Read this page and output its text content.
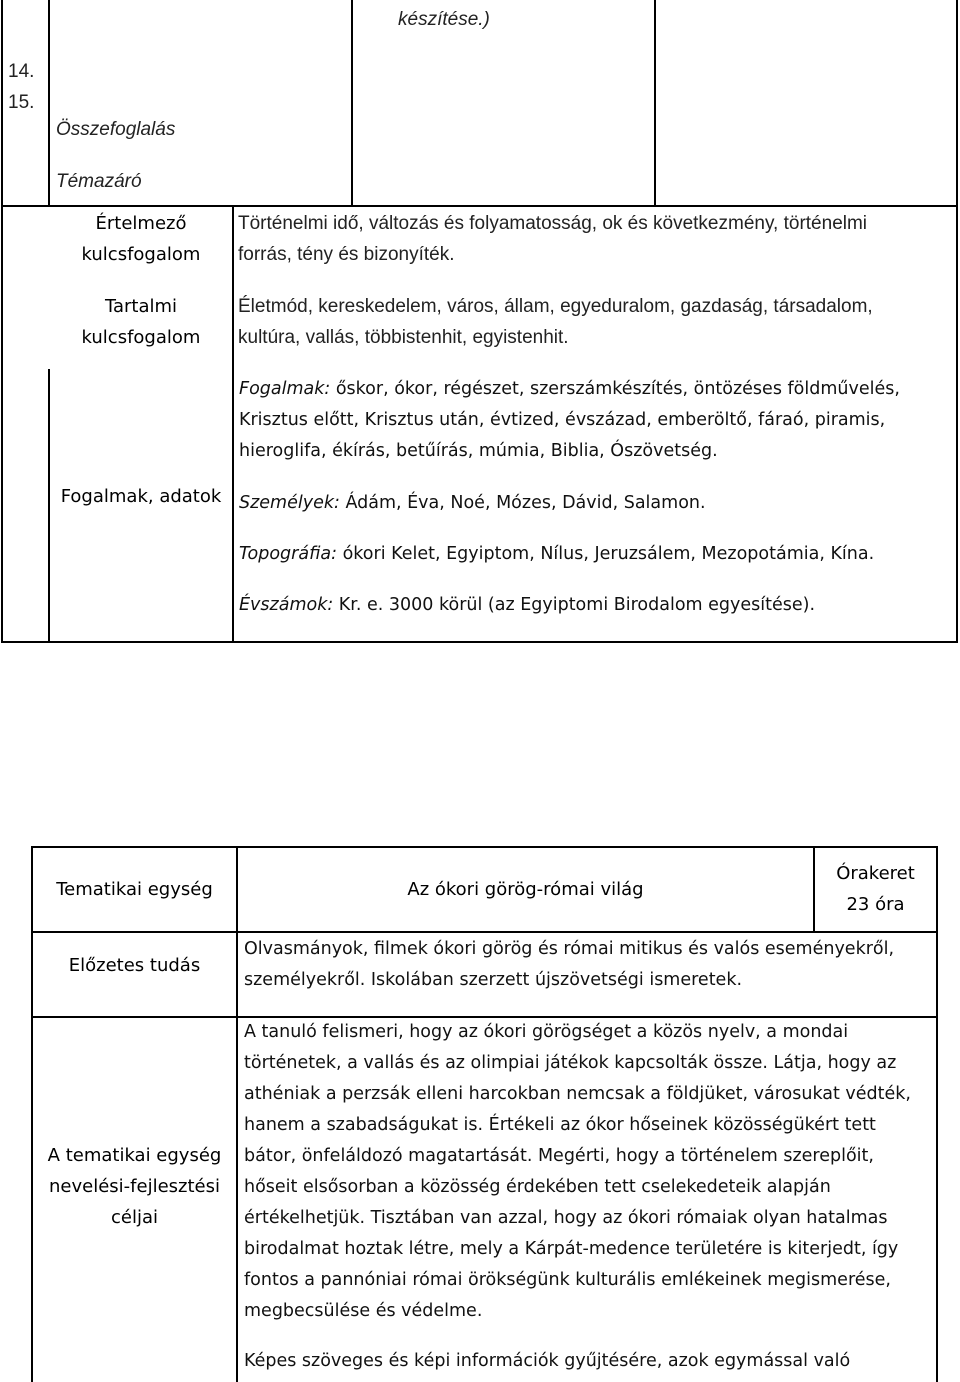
14.
15.
Összefoglalás
Témazáró
készítése.)
Értelmező
kulcsfogalom
Történelmi idő, változás és folyamatosság, ok és következmény, történelmi
forrás, tény és bizonyíték.
Tartalmi
kulcsfogalom
Életmód, kereskedelem, város, állam, egyeduralom, gazdaság, társadalom,
kultúra, vallás, többistenhit, egyistenhit.
Fogalmak, adatok
Fogalmak: őskor, ókor, régészet, szerszámkészítés, öntözéses földművelés,
Krisztus előtt, Krisztus után, évtized, évszázad, emberöltő, fáraó, piramis,
hieroglifa, ékírás, betűírás, múmia, Biblia, Ószövetség.
Személyek: Ádám, Éva, Noé, Mózes, Dávid, Salamon.
Topográfia: ókori Kelet, Egyiptom, Nílus, Jeruzsálem, Mezopotámia, Kína.
Évszámok: Kr. e. 3000 körül (az Egyiptomi Birodalom egyesítése).
Tematikai egység	Az ókori görög-római világ
Órakeret
23 óra
Előzetes tudás
Olvasmányok, filmek ókori görög és római mitikus és valós eseményekről,
személyekről. Iskolában szerzett újszövetségi ismeretek.
A tematikai egység
nevelési-fejlesztési
céljai
A tanuló felismeri, hogy az ókori görögséget a közös nyelv, a mondai
történetek, a vallás és az olimpiai játékok kapcsolták össze. Látja, hogy az
athéniak a perzsák elleni harcokban nemcsak a földjüket, városukat védték,
hanem a szabadságukat is. Értékeli az ókor hőseinek közösségükért tett
bátor, önfeláldozó magatartását. Megérti, hogy a történelem szereplőit,
hőseit elsősorban a közösség érdekében tett cselekedeteik alapján
értékelhetjük. Tisztában van azzal, hogy az ókori rómaiak olyan hatalmas
birodalmat hoztak létre, mely a Kárpát-medence területére is kiterjedt, így
fontos a pannóniai római örökségünk kulturális emlékeinek megismerése,
megbecsülése és védelme.
Képes szöveges és képi információk gyűjtésére, azok egymással való
